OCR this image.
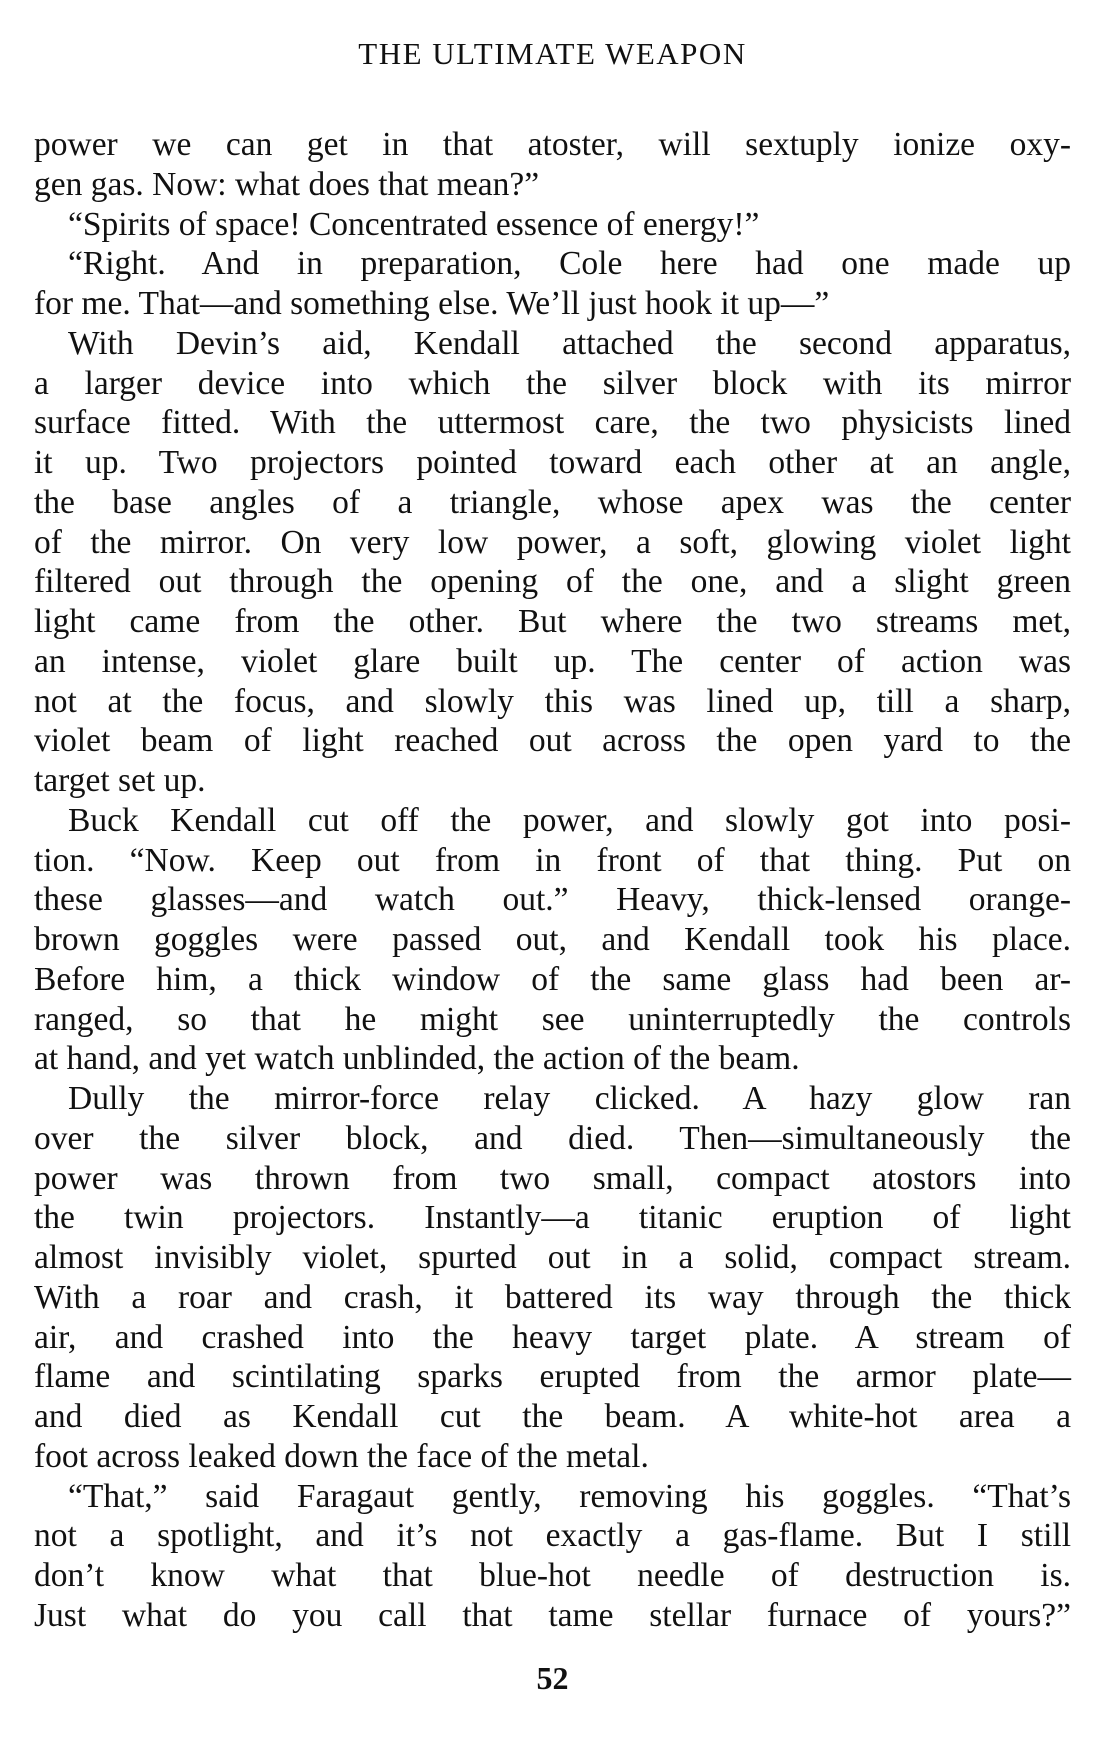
THE ULTIMATE WEAPON
power we can get in that atoster, will sextuply ionize oxy-
gen gas. Now: what does that mean?”
“Spirits of space! Concentrated essence of energy!”
“Right. And in preparation, Cole here had one made up
for me. That—and something else. We’ll just hook it up—”
With Devin’s aid, Kendall attached the second apparatus,
a larger device into which the silver block with its mirror
surface fitted. With the uttermost care, the two physicists lined
it up. Two projectors pointed toward each other at an angle,
the base angles of a triangle, whose apex was the center
of the mirror. On very low power, a soft, glowing violet light
filtered out through the opening of the one, and a slight green
light came from the other. But where the two streams met,
an intense, violet glare built up. The center of action was
not at the focus, and slowly this was lined up, till a sharp,
violet beam of light reached out across the open yard to the
target set up.
Buck Kendall cut off the power, and slowly got into posi-
tion. “Now. Keep out from in front of that thing. Put on
these glasses—and watch out.” Heavy, thick-lensed orange-
brown goggles were passed out, and Kendall took his place.
Before him, a thick window of the same glass had been ar-
ranged, so that he might see uninterruptedly the controls
at hand, and yet watch unblinded, the action of the beam.
Dully the mirror-force relay clicked. A hazy glow ran
over the silver block, and died. Then—simultaneously the
power was thrown from two small, compact atostors into
the twin projectors. Instantly—a titanic eruption of light
almost invisibly violet, spurted out in a solid, compact stream.
With a roar and crash, it battered its way through the thick
air, and crashed into the heavy target plate. A stream of
flame and scintilating sparks erupted from the armor plate—
and died as Kendall cut the beam. A white-hot area a
foot across leaked down the face of the metal.
“That,” said Faragaut gently, removing his goggles. “That’s
not a spotlight, and it’s not exactly a gas-flame. But I still
don’t know what that blue-hot needle of destruction is.
Just what do you call that tame stellar furnace of yours?”
52
